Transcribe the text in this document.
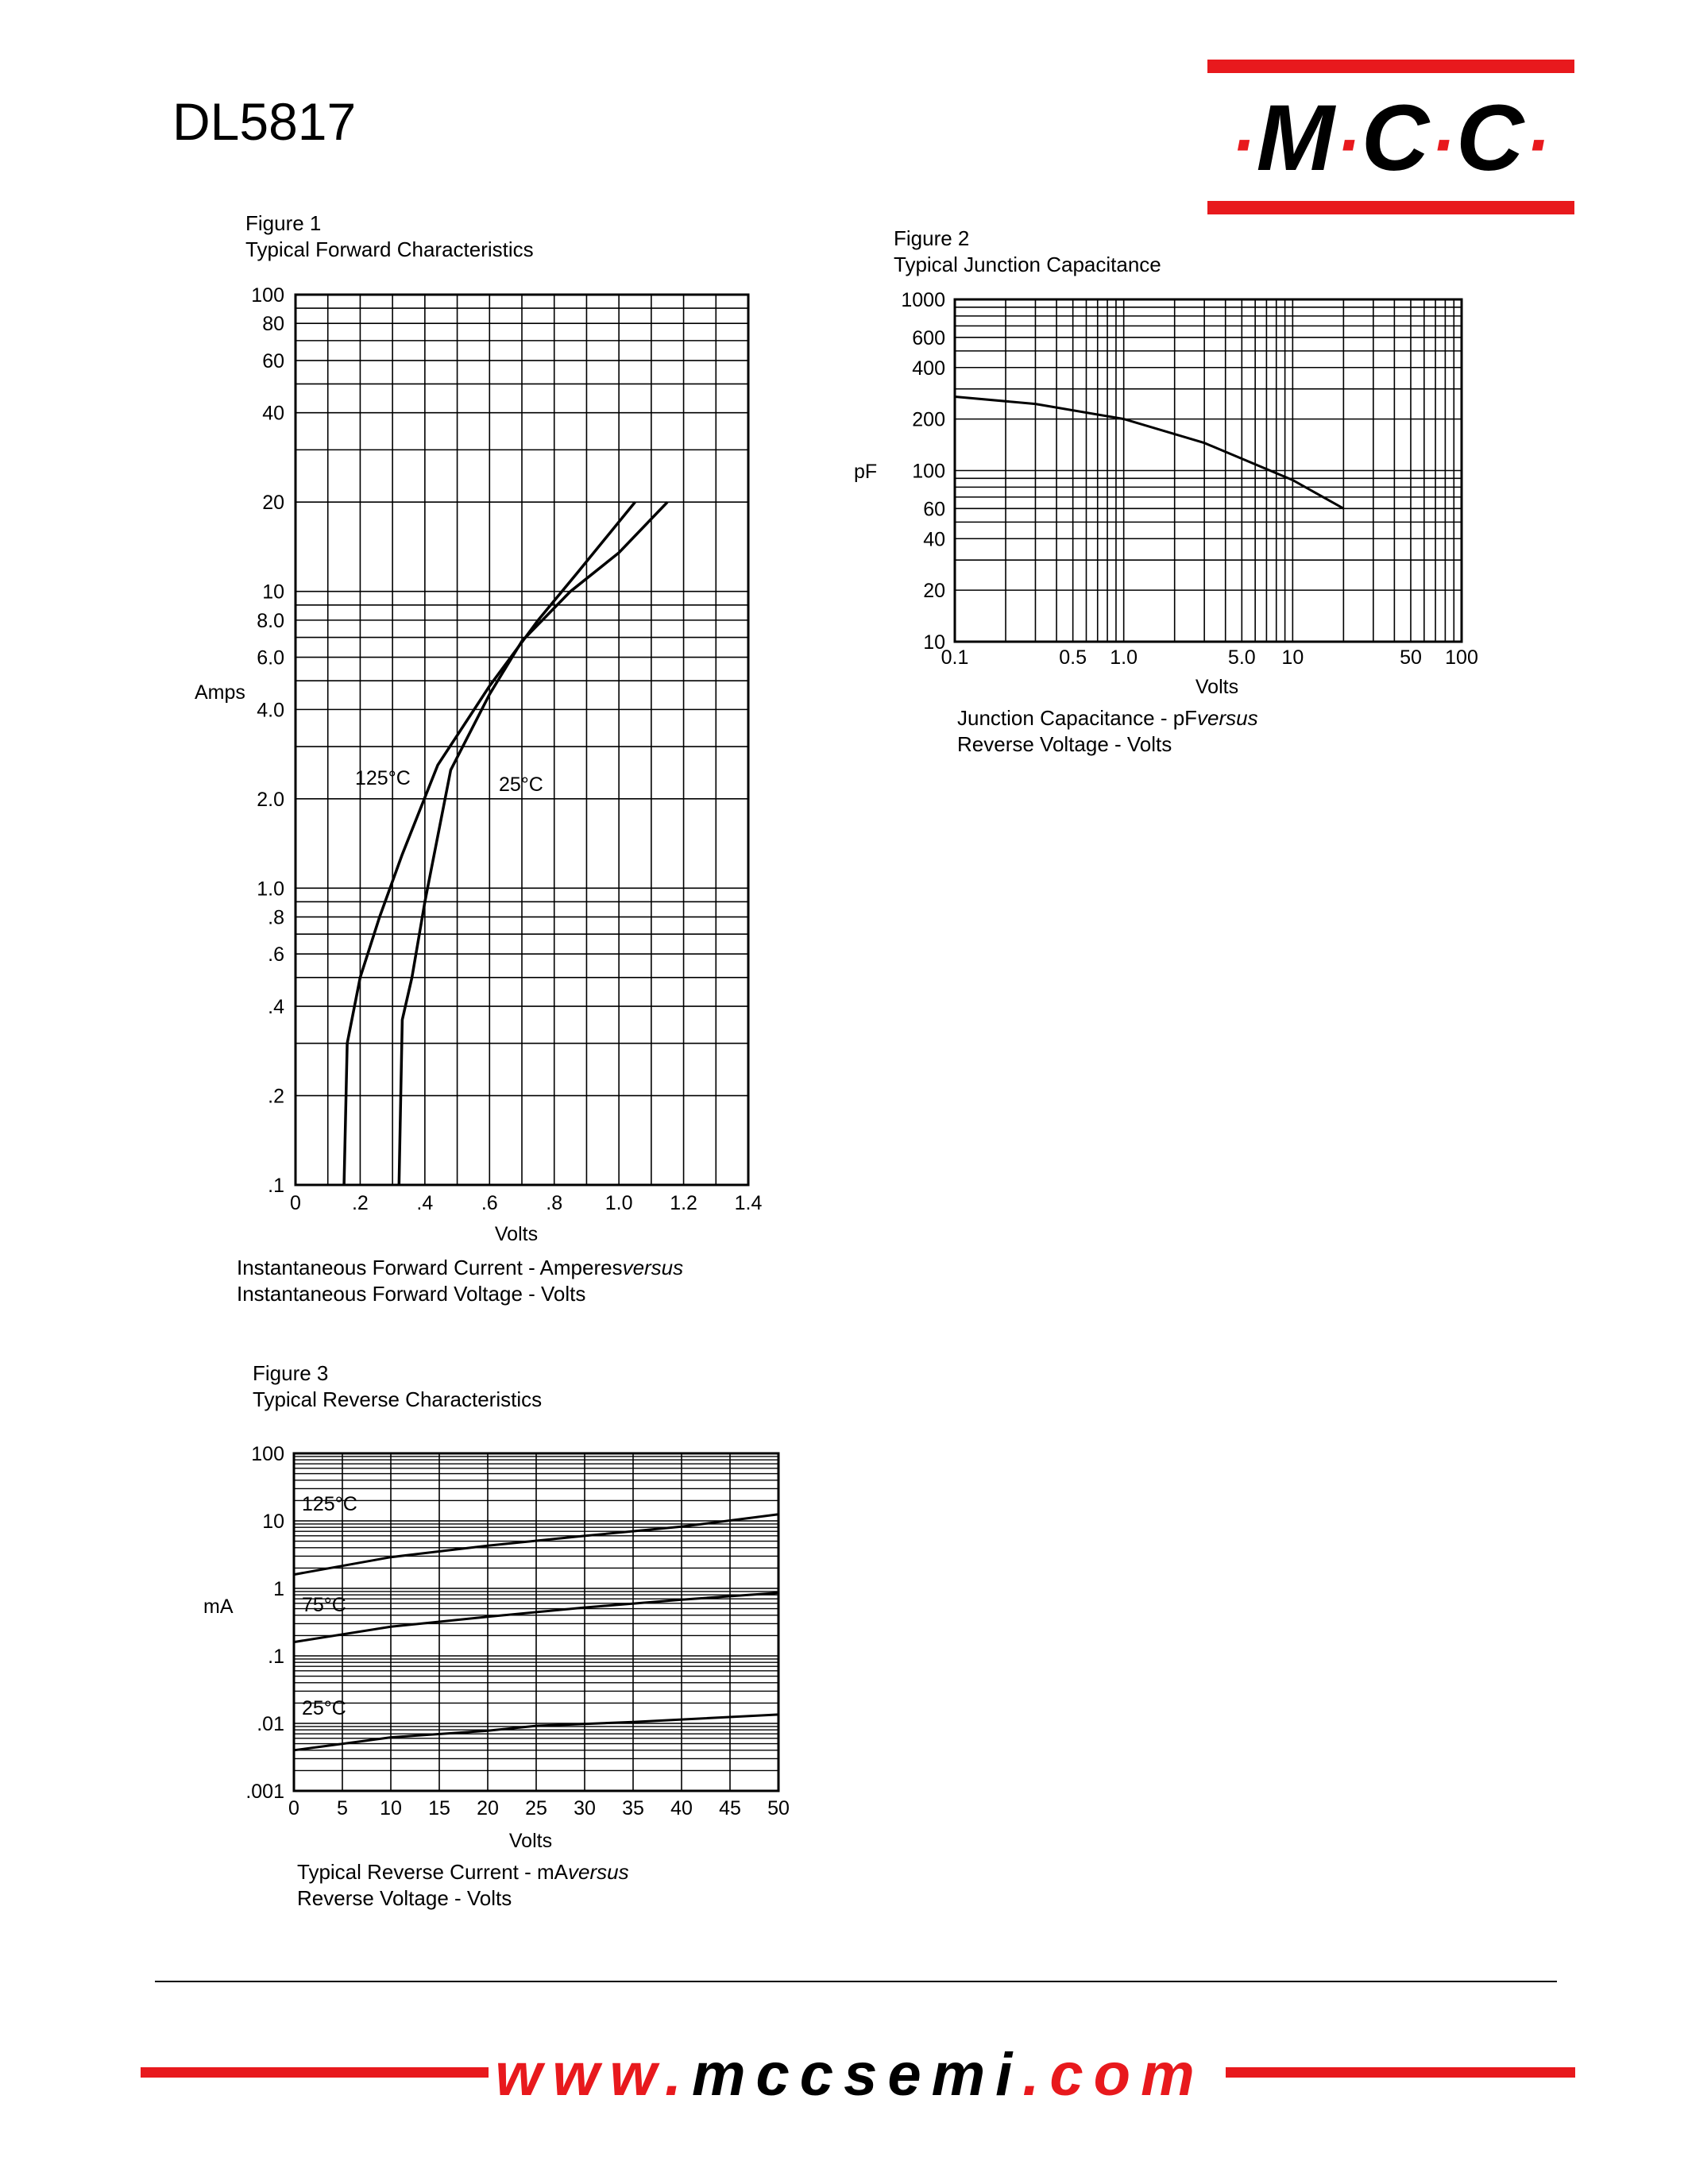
DL5817	·M·C·C·
Figure 1
Typical Forward Characteristics
0	.2 .4 .6 .8 1.0 1.2 1.4
100
80
60
40
20
10
8.0
6.0
4.0
2.0
1.0
.8
.6
.4
.2
.1
Volts
Amps
125°C	25°C
Instantaneous Forward Current - Amperesversus
Instantaneous Forward Voltage - Volts
Figure 2
Typical Junction Capacitance
0.1	0.5 1.0	5.0 10	50 100
1000
600
400
200
100
60
40
20
10
Volts
pF
Junction Capacitance - pFversus
Reverse Voltage - Volts
Figure 3
Typical Reverse Characteristics
0 5 10 15 20 25 30 35 40 45 50
100
10
1
.1
.01
.001
Volts
mA
125°C
75°C
25°C
Typical Reverse Current - mAversus
Reverse Voltage - Volts
www.mccsemi.com
